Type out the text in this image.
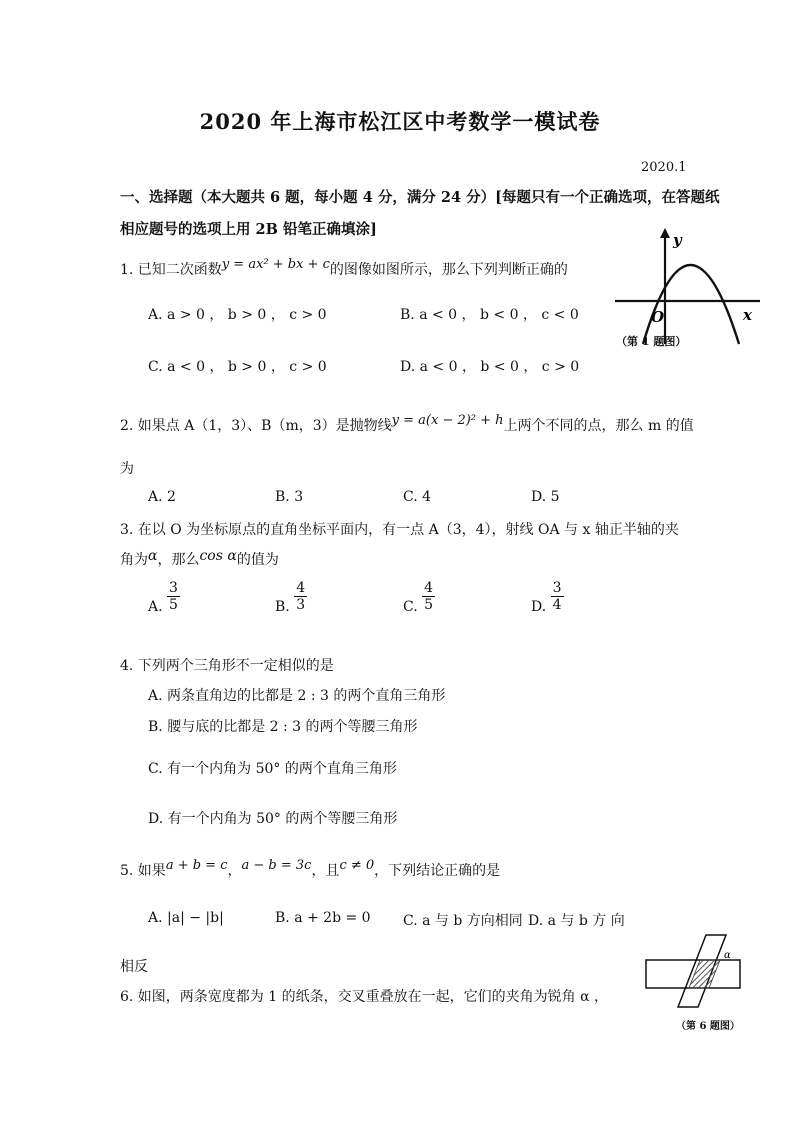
2020 年上海市松江区中考数学一模试卷
2020.1
一、选择题（本大题共 6 题，每小题 4 分，满分 24 分）[每题只有一个正确选项，在答题纸
相应题号的选项上用 2B 铅笔正确填涂]
1. 已知二次函数y = ax² + bx + c的图像如图所示，那么下列判断正确的
A. a > 0 ， b > 0 ， c > 0	B. a < 0 ， b < 0 ， c < 0
C. a < 0 ， b > 0 ， c > 0	D. a < 0 ， b < 0 ， c > 0
y
x
O
（第 1 题图）
2. 如果点 A（1，3）、B（m，3）是抛物线y = a(x − 2)² + h上两个不同的点，那么 m 的值
为
A. 2	B. 3	C. 4	D. 5
3. 在以 O 为坐标原点的直角坐标平面内，有一点 A（3，4），射线 OA 与 x 轴正半轴的夹
角为α，那么cos α的值为
A. $\frac{3}{5}$	B. $\frac{4}{3}$	C. $\frac{4}{5}$	D. $\frac{3}{4}$
4. 下列两个三角形不一定相似的是
A. 两条直角边的比都是 2 : 3 的两个直角三角形
B. 腰与底的比都是 2 : 3 的两个等腰三角形
C. 有一个内角为 50° 的两个直角三角形
D. 有一个内角为 50° 的两个等腰三角形
5. 如果a + b = c，a − b = 3c，且c ≠ 0，下列结论正确的是
A. |a| − |b|	B. a + 2b = 0 C. a 与 b 方向相同 D. a 与 b 方 向
相反
6. 如图，两条宽度都为 1 的纸条，交叉重叠放在一起，它们的夹角为锐角 α ，
α
（第 6 题图）
